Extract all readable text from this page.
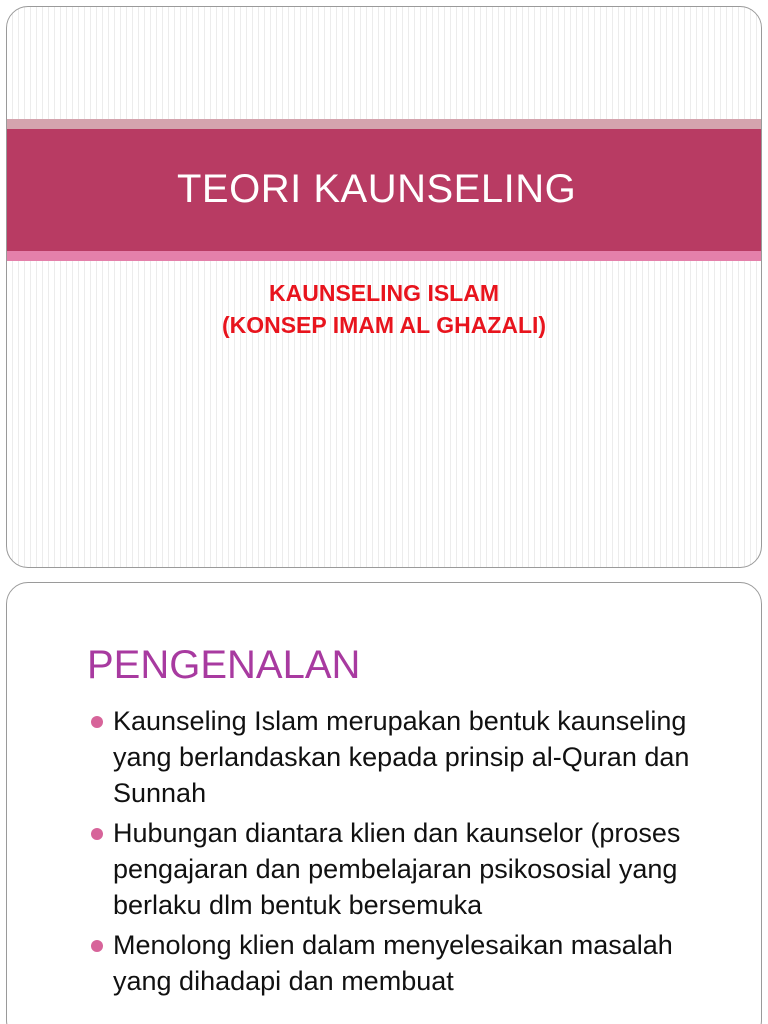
TEORI KAUNSELING
KAUNSELING ISLAM
(KONSEP IMAM AL GHAZALI)
PENGENALAN
Kaunseling Islam merupakan bentuk kaunseling yang berlandaskan kepada prinsip al-Quran dan Sunnah
Hubungan diantara klien dan kaunselor (proses pengajaran dan pembelajaran psikososial yang berlaku dlm bentuk bersemuka
Menolong klien dalam menyelesaikan masalah yang dihadapi dan membuat
